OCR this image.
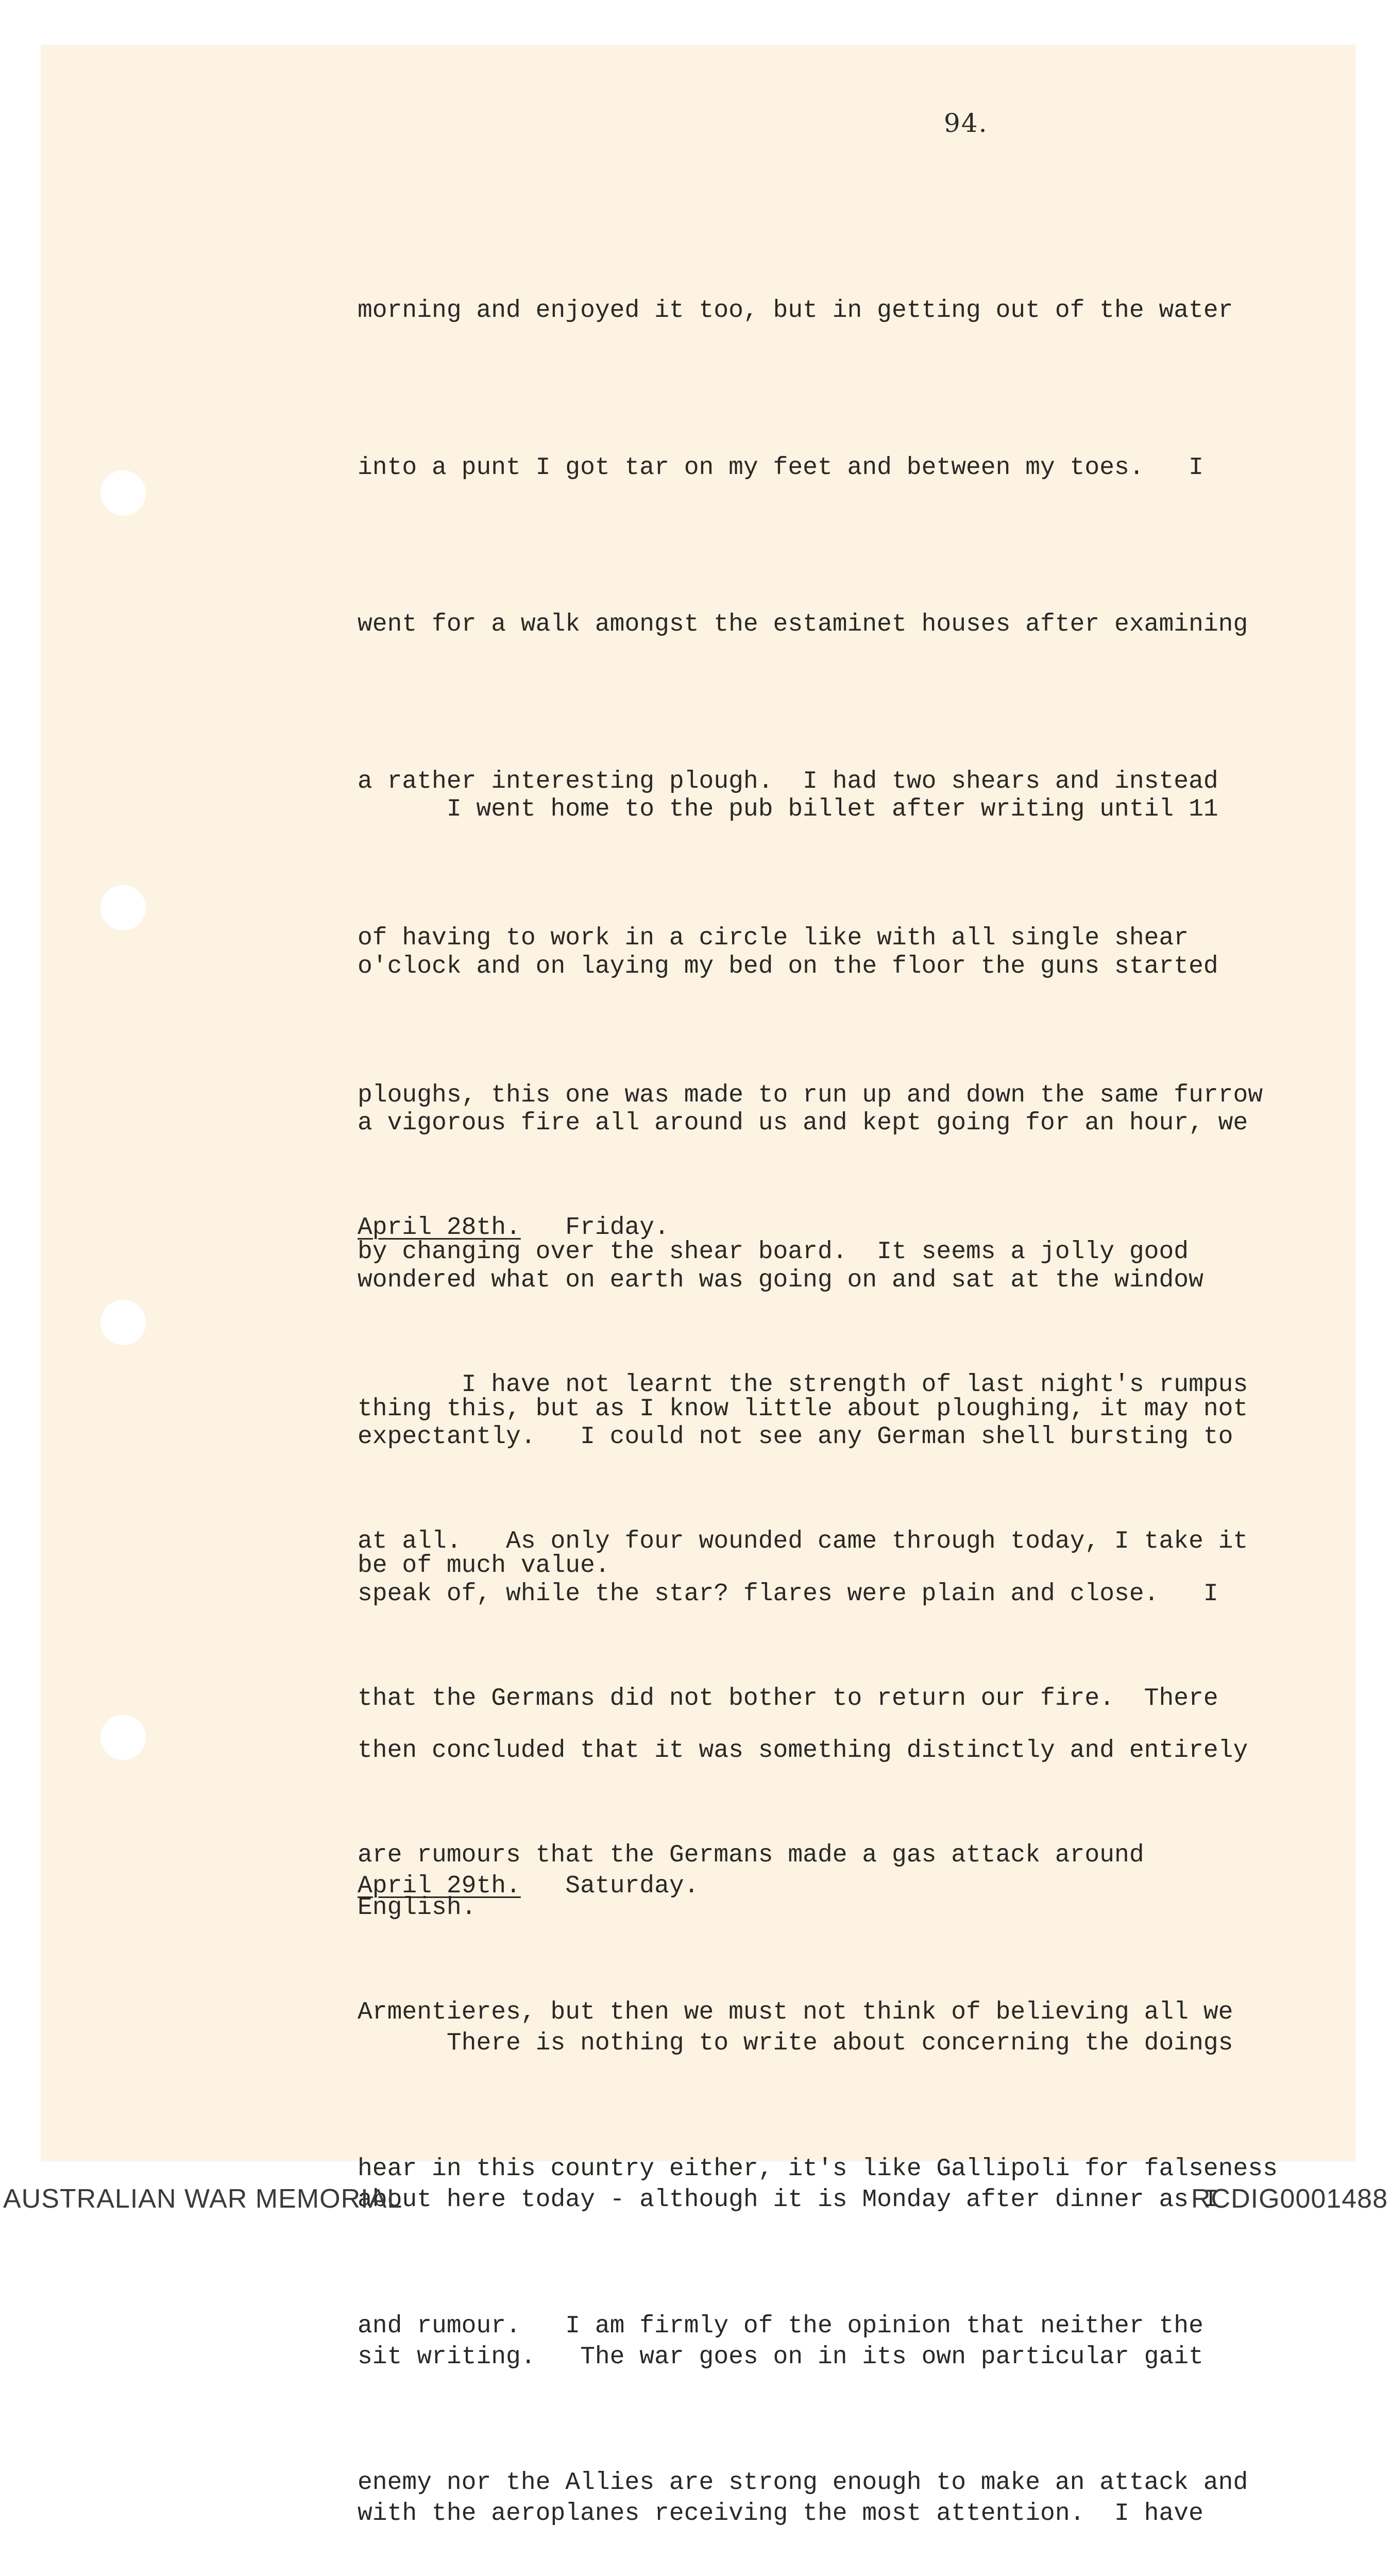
94.

morning and enjoyed it too, but in getting out of the water

into a punt I got tar on my feet and between my toes.   I

went for a walk amongst the estaminet houses after examining

a rather interesting plough.  I had two shears and instead

of having to work in a circle like with all single shear

ploughs, this one was made to run up and down the same furrow

by changing over the shear board.  It seems a jolly good

thing this, but as I know little about ploughing, it may not

be of much value.

I went home to the pub billet after writing until 11

o'clock and on laying my bed on the floor the guns started

a vigorous fire all around us and kept going for an hour, we

wondered what on earth was going on and sat at the window

expectantly.   I could not see any German shell bursting to

speak of, while the star? flares were plain and close.   I

then concluded that it was something distinctly and entirely

English.

April 28th. Friday.

I have not learnt the strength of last night's rumpus

at all.   As only four wounded came through today, I take it

that the Germans did not bother to return our fire.  There

are rumours that the Germans made a gas attack around

Armentieres, but then we must not think of believing all we

hear in this country either, it's like Gallipoli for falseness

and rumour.   I am firmly of the opinion that neither the

enemy nor the Allies are strong enough to make an attack and

April 29th. Saturday.

There is nothing to write about concerning the doings

about here today - although it is Monday after dinner as I

sit writing.   The war goes on in its own particular gait

with the aeroplanes receiving the most attention.  I have

AUSTRALIAN WAR MEMORIAL	RCDIG0001488
